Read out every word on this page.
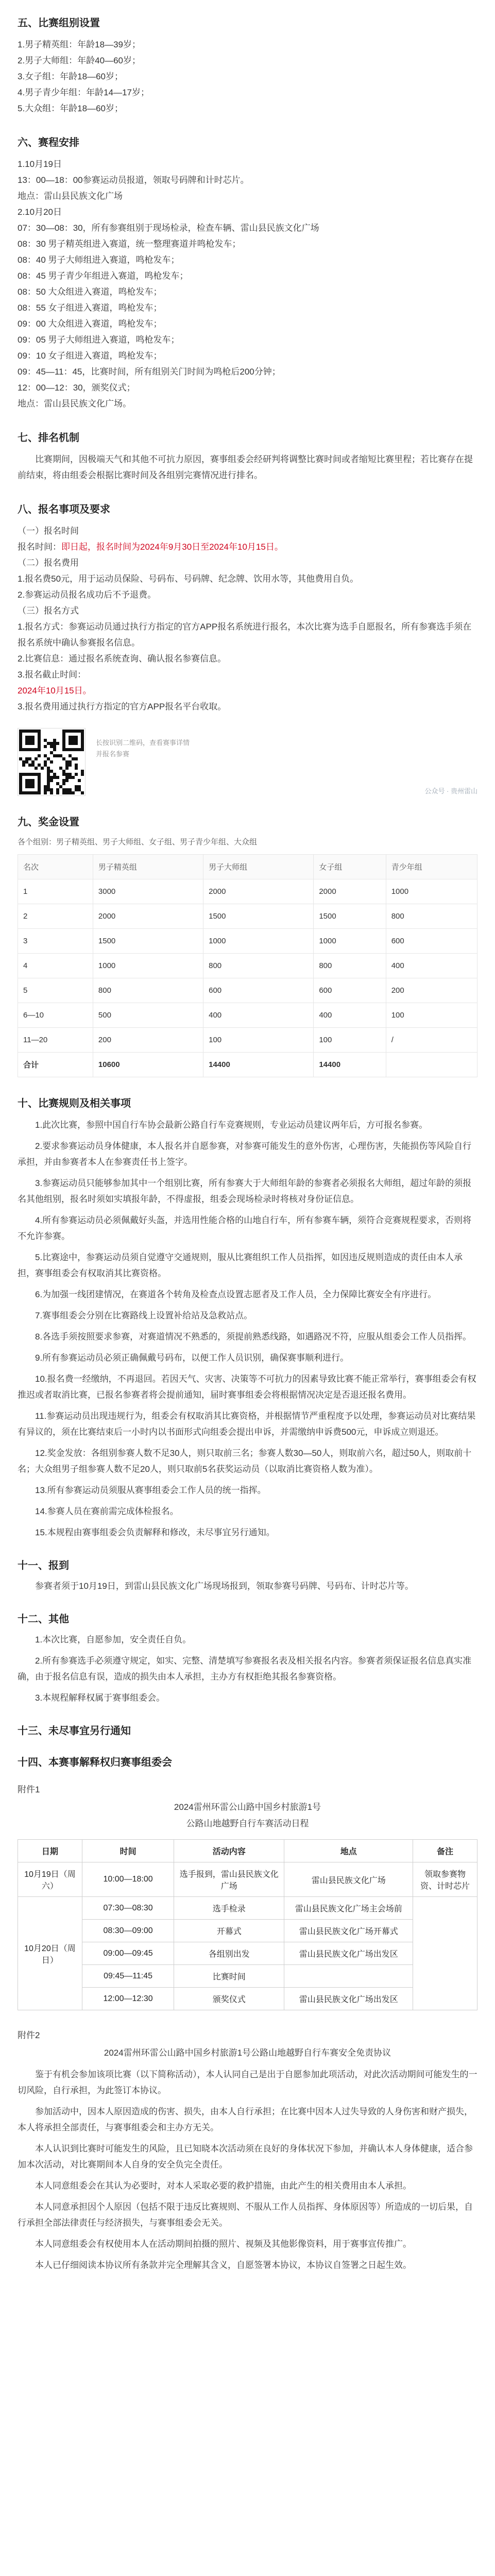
五、比赛组别设置

1.男子精英组：年龄18—39岁；

2.男子大师组：年龄40—60岁；

3.女子组：年龄18—60岁；

4.男子青少年组：年龄14—17岁；

5.大众组：年龄18—60岁；

六、赛程安排

1.10月19日

13：00—18：00参赛运动员报道，领取号码牌和计时芯片。

地点：雷山县民族文化广场

2.10月20日

07：30—08：30，所有参赛组别于现场检录，检查车辆、雷山县民族文化广场

08：30 男子精英组进入赛道，统一整理赛道并鸣枪发车；

08：40 男子大师组进入赛道，鸣枪发车；

08：45 男子青少年组进入赛道，鸣枪发车；

08：50 大众组进入赛道，鸣枪发车；

08：55 女子组进入赛道，鸣枪发车；

09：00 大众组进入赛道，鸣枪发车；

09：05 男子大师组进入赛道，鸣枪发车；

09：10 女子组进入赛道，鸣枪发车；

09：45—11：45，比赛时间，所有组别关门时间为鸣枪后200分钟；

12：00—12：30，颁奖仪式；

地点：雷山县民族文化广场。

七、排名机制

比赛期间，因极端天气和其他不可抗力原因，赛事组委会经研判将调整比赛时间或者缩短比赛里程；若比赛存在提前结束，将由组委会根据比赛时间及各组别完赛情况进行排名。

八、报名事项及要求

（一）报名时间

报名时间：即日起，报名时间为2024年9月30日至2024年10月15日。

（二）报名费用

1.报名费50元，用于运动员保险、号码布、号码牌、纪念牌、饮用水等，其他费用自负。

2.参赛运动员报名成功后不予退费。

（三）报名方式

1.报名方式：参赛运动员通过执行方指定的官方APP报名系统进行报名，本次比赛为选手自愿报名，所有参赛选手须在报名系统中确认参赛报名信息。

2.比赛信息：通过报名系统查询、确认报名参赛信息。

3.报名截止时间：

2024年10月15日。

3.报名费用通过执行方指定的官方APP报名平台收取。

长按识别二维码，查看赛事详情
并报名参赛
公众号 · 贵州雷山
九、奖金设置
各个组别：男子精英组、男子大师组、女子组、男子青少年组、大众组
名次	男子精英组	男子大师组	女子组	青少年组
1	3000	2000	2000	1000
2	2000	1500	1500	800
3	1500	1000	1000	600
4	1000	800	800	400
5	800	600	600	200
6—10	500	400	400	100
11—20	200	100	100	/
合计	10600	14400	14400	
十、比赛规则及相关事项

1.此次比赛，参照中国自行车协会最新公路自行车竞赛规则，专业运动员建议两年后，方可报名参赛。

2.要求参赛运动员身体健康，本人报名并自愿参赛，对参赛可能发生的意外伤害，心理伤害，失能损伤等风险自行承担，并由参赛者本人在参赛责任书上签字。

3.参赛运动员只能够参加其中一个组别比赛，所有参赛大于大师组年龄的参赛者必须报名大师组，超过年龄的须报名其他组别，报名时须如实填报年龄，不得虚报，组委会现场检录时将核对身份证信息。

4.所有参赛运动员必须佩戴好头盔，并选用性能合格的山地自行车，所有参赛车辆，须符合竞赛规程要求，否则将不允许参赛。

5.比赛途中，参赛运动员须自觉遵守交通规则，服从比赛组织工作人员指挥，如因违反规则造成的责任由本人承担，赛事组委会有权取消其比赛资格。

6.为加强一线团建情况，在赛道各个转角及检查点设置志愿者及工作人员，全力保障比赛安全有序进行。

7.赛事组委会分别在比赛路线上设置补给站及急救站点。

8.各选手须按照要求参赛，对赛道情况不熟悉的，须提前熟悉线路，如遇路况不符，应服从组委会工作人员指挥。

9.所有参赛运动员必须正确佩戴号码布，以便工作人员识别，确保赛事顺利进行。

10.报名费一经缴纳，不再退回。若因天气、灾害、决策等不可抗力的因素导致比赛不能正常举行，赛事组委会有权推迟或者取消比赛，已报名参赛者将会提前通知，届时赛事组委会将根据情况决定是否退还报名费用。

11.参赛运动员出现违规行为，组委会有权取消其比赛资格，并根据情节严重程度予以处理，参赛运动员对比赛结果有异议的，须在比赛结束后一小时内以书面形式向组委会提出申诉，并需缴纳申诉费500元，申诉成立则退还。

12.奖金发放：各组别参赛人数不足30人，则只取前三名；参赛人数30—50人，则取前六名，超过50人，则取前十名；大众组男子组参赛人数不足20人，则只取前5名获奖运动员（以取消比赛资格人数为准）。

13.所有参赛运动员须服从赛事组委会工作人员的统一指挥。

14.参赛人员在赛前需完成体检报名。

15.本规程由赛事组委会负责解释和修改，未尽事宜另行通知。

十一、报到

参赛者须于10月19日，到雷山县民族文化广场现场报到，领取参赛号码牌、号码布、计时芯片等。

十二、其他

1.本次比赛，自愿参加，安全责任自负。

2.所有参赛选手必须遵守规定，如实、完整、清楚填写参赛报名表及相关报名内容。参赛者须保证报名信息真实准确，由于报名信息有误，造成的损失由本人承担，主办方有权拒绝其报名参赛资格。

3.本规程解释权属于赛事组委会。

十三、未尽事宜另行通知
十四、本赛事解释权归赛事组委会
附件1

2024雷州环雷公山路中国乡村旅游1号

公路山地越野自行车赛活动日程

日期	时间	活动内容	地点	备注
10月19日（周六）	10:00—18:00	选手报到，雷山县民族文化广场	雷山县民族文化广场	领取参赛物资、计时芯片
10月20日（周日）	07:30—08:30	选手检录	雷山县民族文化广场主会场前	
	08:30—09:00	开幕式	雷山县民族文化广场开幕式	
	09:00—09:45	各组别出发	雷山县民族文化广场出发区	
	09:45—11:45	比赛时间		
	12:00—12:30	颁奖仪式	雷山县民族文化广场出发区	
附件2

2024雷州环雷公山路中国乡村旅游1号公路山地越野自行车赛安全免责协议

鉴于有机会参加该项比赛（以下简称活动），本人认同自己是出于自愿参加此项活动，对此次活动期间可能发生的一切风险，自行承担，为此签订本协议。

参加活动中，因本人原因造成的伤害、损失，由本人自行承担；在比赛中因本人过失导致的人身伤害和财产损失，本人将承担全部责任，与赛事组委会和主办方无关。

本人认识到比赛时可能发生的风险，且已知晓本次活动须在良好的身体状况下参加，并确认本人身体健康，适合参加本次活动，对比赛期间本人自身的安全负完全责任。

本人同意组委会在其认为必要时，对本人采取必要的救护措施，由此产生的相关费用由本人承担。

本人同意承担因个人原因（包括不限于违反比赛规则、不服从工作人员指挥、身体原因等）所造成的一切后果，自行承担全部法律责任与经济损失，与赛事组委会无关。

本人同意组委会有权使用本人在活动期间拍摄的照片、视频及其他影像资料，用于赛事宣传推广。

本人已仔细阅读本协议所有条款并完全理解其含义，自愿签署本协议，本协议自签署之日起生效。
